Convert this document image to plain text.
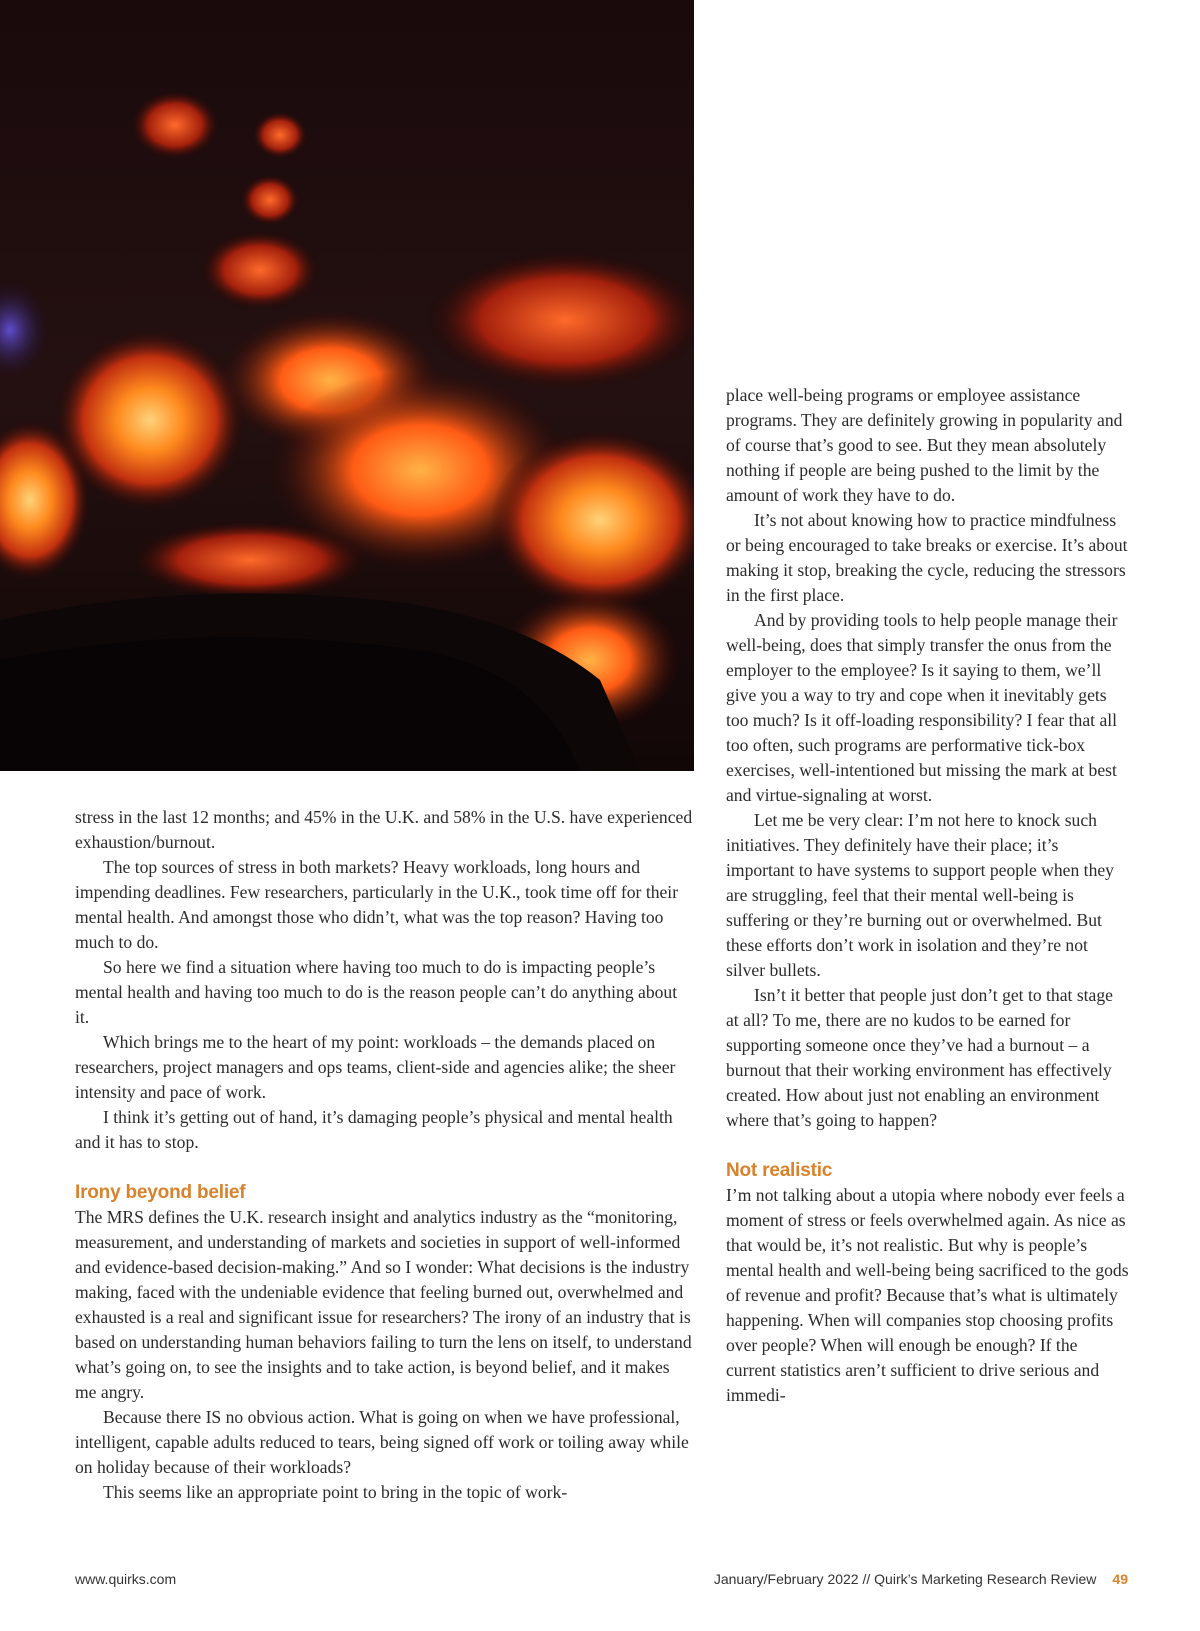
stress in the last 12 months; and 45% in the U.K. and 58% in the U.S. have experienced exhaustion/burnout.

The top sources of stress in both markets? Heavy workloads, long hours and impending deadlines. Few researchers, particularly in the U.K., took time off for their mental health. And amongst those who didn’t, what was the top reason? Having too much to do.

So here we find a situation where having too much to do is impacting people’s mental health and having too much to do is the reason people can’t do anything about it.

Which brings me to the heart of my point: workloads – the demands placed on researchers, project managers and ops teams, client-side and agencies alike; the sheer intensity and pace of work.

I think it’s getting out of hand, it’s damaging people’s physical and mental health and it has to stop.

Irony beyond belief

The MRS defines the U.K. research insight and analytics industry as the “monitoring, measurement, and understanding of markets and societies in support of well-informed and evidence-based decision-making.” And so I wonder: What decisions is the industry making, faced with the undeniable evidence that feeling burned out, overwhelmed and exhausted is a real and significant issue for researchers? The irony of an industry that is based on understanding human behaviors failing to turn the lens on itself, to understand what’s going on, to see the insights and to take action, is beyond belief, and it makes me angry.

Because there IS no obvious action. What is going on when we have professional, intelligent, capable adults reduced to tears, being signed off work or toiling away while on holiday because of their workloads?

This seems like an appropriate point to bring in the topic of work-

place well-being programs or employee assistance programs. They are definitely growing in popularity and of course that’s good to see. But they mean absolutely nothing if people are being pushed to the limit by the amount of work they have to do.

It’s not about knowing how to practice mindfulness or being encouraged to take breaks or exercise. It’s about making it stop, breaking the cycle, reducing the stressors in the first place.

And by providing tools to help people manage their well-being, does that simply transfer the onus from the employer to the employee? Is it saying to them, we’ll give you a way to try and cope when it inevitably gets too much? Is it off-loading responsibility? I fear that all too often, such programs are performative tick-box exercises, well-intentioned but missing the mark at best and virtue-signaling at worst.

Let me be very clear: I’m not here to knock such initiatives. They definitely have their place; it’s important to have systems to support people when they are struggling, feel that their mental well-being is suffering or they’re burning out or overwhelmed. But these efforts don’t work in isolation and they’re not silver bullets.

Isn’t it better that people just don’t get to that stage at all? To me, there are no kudos to be earned for supporting someone once they’ve had a burnout – a burnout that their working environment has effectively created. How about just not enabling an environment where that’s going to happen?

Not realistic

I’m not talking about a utopia where nobody ever feels a moment of stress or feels overwhelmed again. As nice as that would be, it’s not realistic. But why is people’s mental health and well-being being sacrificed to the gods of revenue and profit? Because that’s what is ultimately happening. When will companies stop choosing profits over people? When will enough be enough? If the current statistics aren’t sufficient to drive serious and immedi-

www.quirks.com	January/February 2022 // Quirk’s Marketing Research Review 49
